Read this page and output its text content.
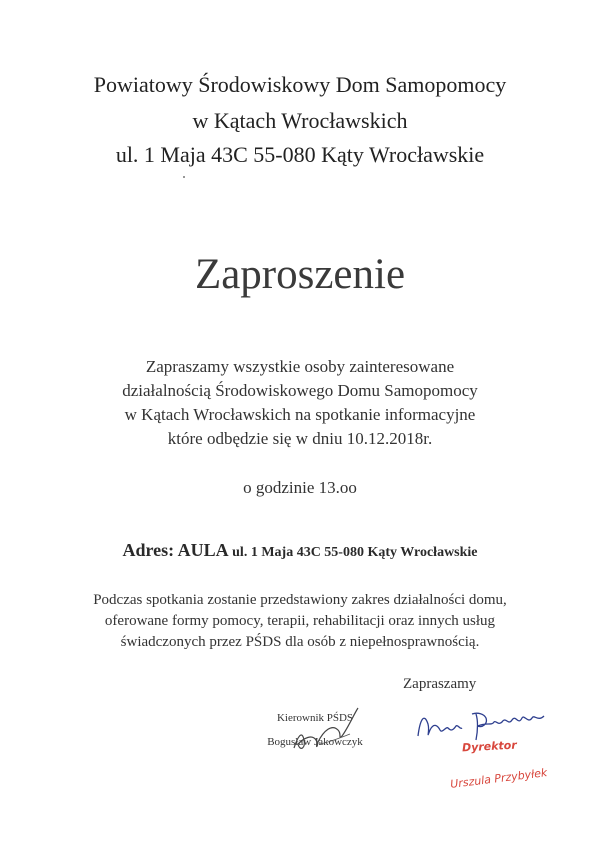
Powiatowy Środowiskowy Dom Samopomocy
w Kątach Wrocławskich
ul. 1 Maja 43C 55-080 Kąty Wrocławskie
Zaproszenie
Zapraszamy wszystkie osoby zainteresowane
działalnością Środowiskowego Domu Samopomocy
w Kątach Wrocławskich na spotkanie informacyjne
które odbędzie się w dniu 10.12.2018r.
o godzinie 13.oo
Adres: AULA ul. 1 Maja 43C 55-080 Kąty Wrocławskie
Podczas spotkania zostanie przedstawiony zakres działalności domu,
oferowane formy pomocy, terapii, rehabilitacji oraz innych usług
świadczonych przez PŚDS dla osób z niepełnosprawnością.
Zapraszamy
Kierownik PŚDS
Bogusław Jakowczyk	Dyrektor
Urszula Przybyłek
